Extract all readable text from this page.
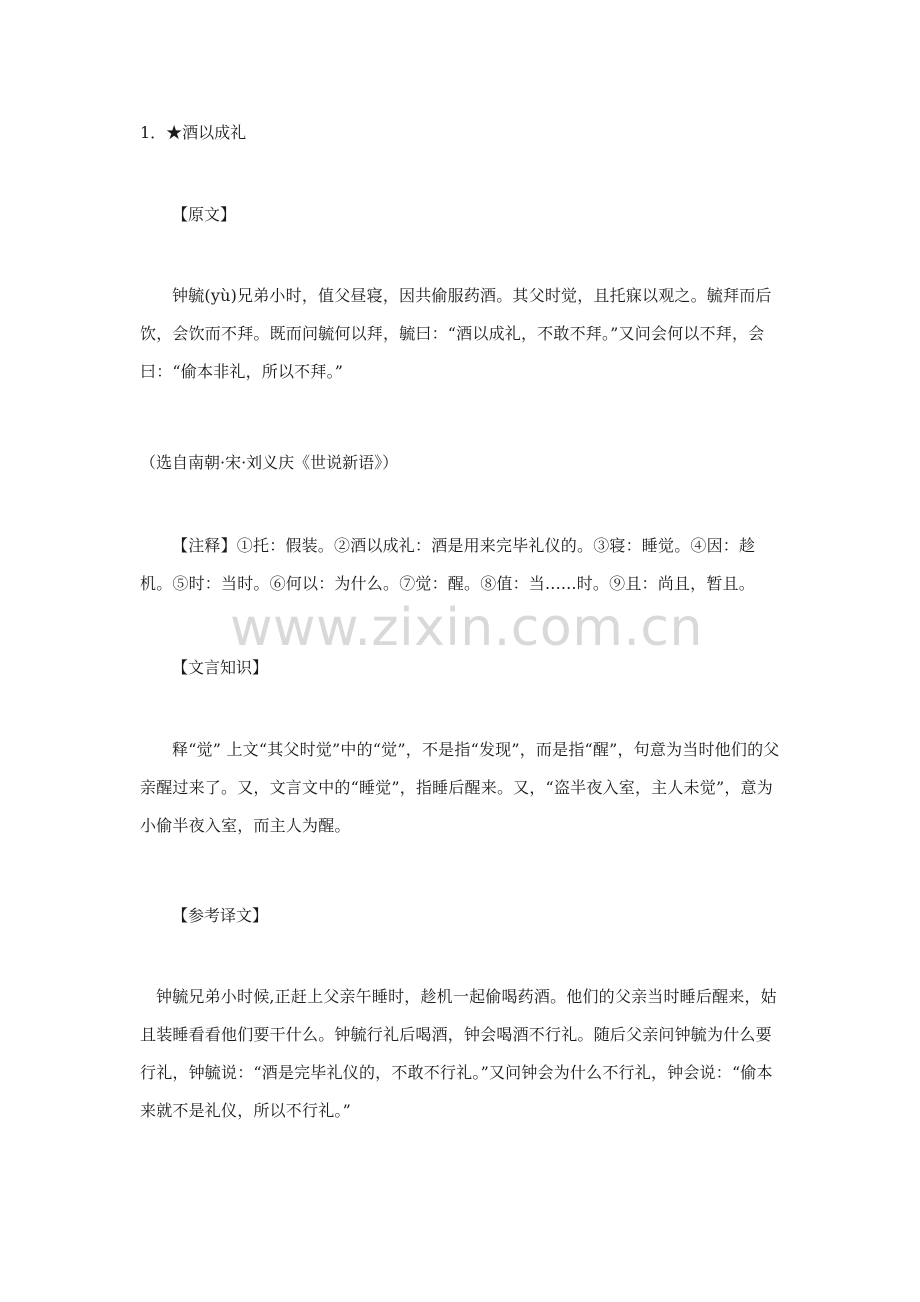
1．★酒以成礼
【原文】
钟毓(yù)兄弟小时，值父昼寝，因共偷服药酒。其父时觉，且托寐以观之。毓拜而后饮，会饮而不拜。既而问毓何以拜，毓曰：“酒以成礼，不敢不拜。”又问会何以不拜，会曰：“偷本非礼，所以不拜。”
（选自南朝·宋·刘义庆《世说新语》）
【注释】①托：假装。②酒以成礼：酒是用来完毕礼仪的。③寝：睡觉。④因：趁机。⑤时：当时。⑥何以：为什么。⑦觉：醒。⑧值：当......时。⑨且：尚且，暂且。
www.zixin.com.cn
【文言知识】
释“觉” 上文“其父时觉”中的“觉”，不是指“发现”，而是指“醒”，句意为当时他们的父亲醒过来了。又，文言文中的“睡觉”，指睡后醒来。又，“盗半夜入室，主人未觉”，意为小偷半夜入室，而主人为醒。
【参考译文】
钟毓兄弟小时候,正赶上父亲午睡时，趁机一起偷喝药酒。他们的父亲当时睡后醒来，姑且装睡看看他们要干什么。钟毓行礼后喝酒，钟会喝酒不行礼。随后父亲问钟毓为什么要行礼，钟毓说：“酒是完毕礼仪的，不敢不行礼。”又问钟会为什么不行礼，钟会说：“偷本来就不是礼仪，所以不行礼。”
